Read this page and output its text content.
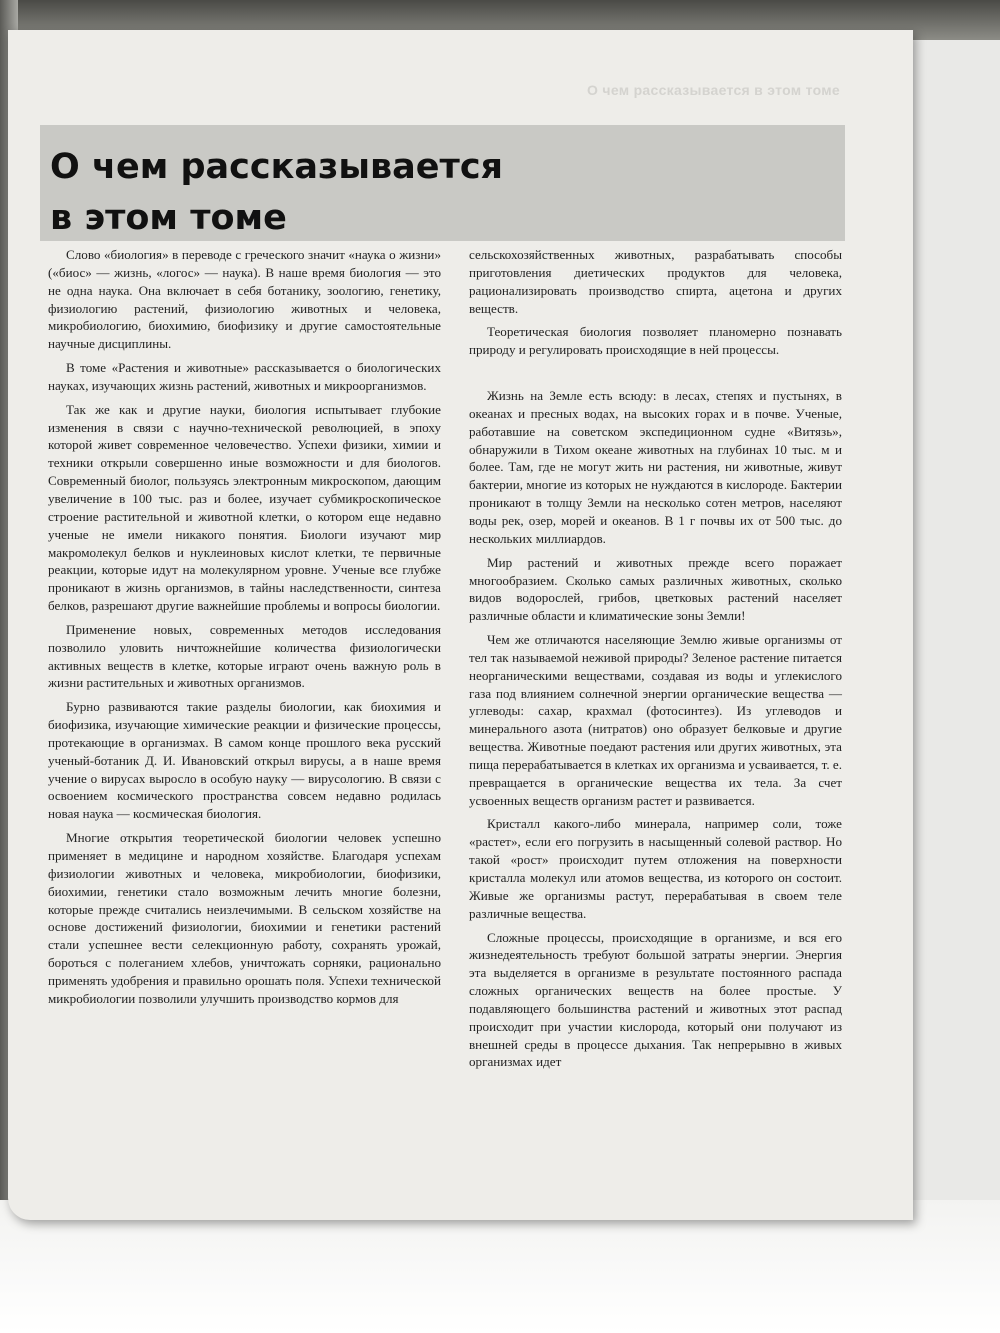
О чем рассказывается в этом томе
О чем рассказывается
в этом томе

Слово «биология» в переводе с греческого значит «наука о жизни» («биос» — жизнь, «логос» — наука). В наше время биология — это не одна наука. Она включает в себя ботанику, зоологию, генетику, физиологию растений, физиологию животных и человека, микробиологию, биохимию, биофизику и другие самостоятельные научные дисциплины.

В томе «Растения и животные» рассказывается о биологических науках, изучающих жизнь растений, животных и микроорганизмов.

Так же как и другие науки, биология испытывает глубокие изменения в связи с научно-технической революцией, в эпоху которой живет современное человечество. Успехи физики, химии и техники открыли совершенно иные возможности и для биологов. Современный биолог, пользуясь электронным микроскопом, дающим увеличение в 100 тыс. раз и более, изучает субмикроскопическое строение растительной и животной клетки, о котором еще недавно ученые не имели никакого понятия. Биологи изучают мир макромолекул белков и нуклеиновых кислот клетки, те первичные реакции, которые идут на молекулярном уровне. Ученые все глубже проникают в жизнь организмов, в тайны наследственности, синтеза белков, разрешают другие важнейшие проблемы и вопросы биологии.

Применение новых, современных методов исследования позволило уловить ничтожнейшие количества физиологически активных веществ в клетке, которые играют очень важную роль в жизни растительных и животных организмов.

Бурно развиваются такие разделы биологии, как биохимия и биофизика, изучающие химические реакции и физические процессы, протекающие в организмах. В самом конце прошлого века русский ученый-ботаник Д. И. Ивановский открыл вирусы, а в наше время учение о вирусах выросло в особую науку — вирусологию. В связи с освоением космического пространства совсем недавно родилась новая наука — космическая биология.

Многие открытия теоретической биологии человек успешно применяет в медицине и народном хозяйстве. Благодаря успехам физиологии животных и человека, микробиологии, биофизики, биохимии, генетики стало возможным лечить многие болезни, которые прежде считались неизлечимыми. В сельском хозяйстве на основе достижений физиологии, биохимии и генетики растений стали успешнее вести селекционную работу, сохранять урожай, бороться с полеганием хлебов, уничтожать сорняки, рационально применять удобрения и правильно орошать поля. Успехи технической микробиологии позволили улучшить производство кормов для

сельскохозяйственных животных, разрабатывать способы приготовления диетических продуктов для человека, рационализировать производство спирта, ацетона и других веществ.

Теоретическая биология позволяет планомерно познавать природу и регулировать происходящие в ней процессы.

Жизнь на Земле есть всюду: в лесах, степях и пустынях, в океанах и пресных водах, на высоких горах и в почве. Ученые, работавшие на советском экспедиционном судне «Витязь», обнаружили в Тихом океане животных на глубинах 10 тыс. м и более. Там, где не могут жить ни растения, ни животные, живут бактерии, многие из которых не нуждаются в кислороде. Бактерии проникают в толщу Земли на несколько сотен метров, населяют воды рек, озер, морей и океанов. В 1 г почвы их от 500 тыс. до нескольких миллиардов.

Мир растений и животных прежде всего поражает многообразием. Сколько самых различных животных, сколько видов водорослей, грибов, цветковых растений населяет различные области и климатические зоны Земли!

Чем же отличаются населяющие Землю живые организмы от тел так называемой неживой природы? Зеленое растение питается неорганическими веществами, создавая из воды и углекислого газа под влиянием солнечной энергии органические вещества — углеводы: сахар, крахмал (фотосинтез). Из углеводов и минерального азота (нитратов) оно образует белковые и другие вещества. Животные поедают растения или других животных, эта пища перерабатывается в клетках их организма и усваивается, т. е. превращается в органические вещества их тела. За счет усвоенных веществ организм растет и развивается.

Кристалл какого-либо минерала, например соли, тоже «растет», если его погрузить в насыщенный солевой раствор. Но такой «рост» происходит путем отложения на поверхности кристалла молекул или атомов вещества, из которого он состоит. Живые же организмы растут, перерабатывая в своем теле различные вещества.

Сложные процессы, происходящие в организме, и вся его жизнедеятельность требуют большой затраты энергии. Энергия эта выделяется в организме в результате постоянного распада сложных органических веществ на более простые. У подавляющего большинства растений и животных этот распад происходит при участии кислорода, который они получают из внешней среды в процессе дыхания. Так непрерывно в живых организмах идет
